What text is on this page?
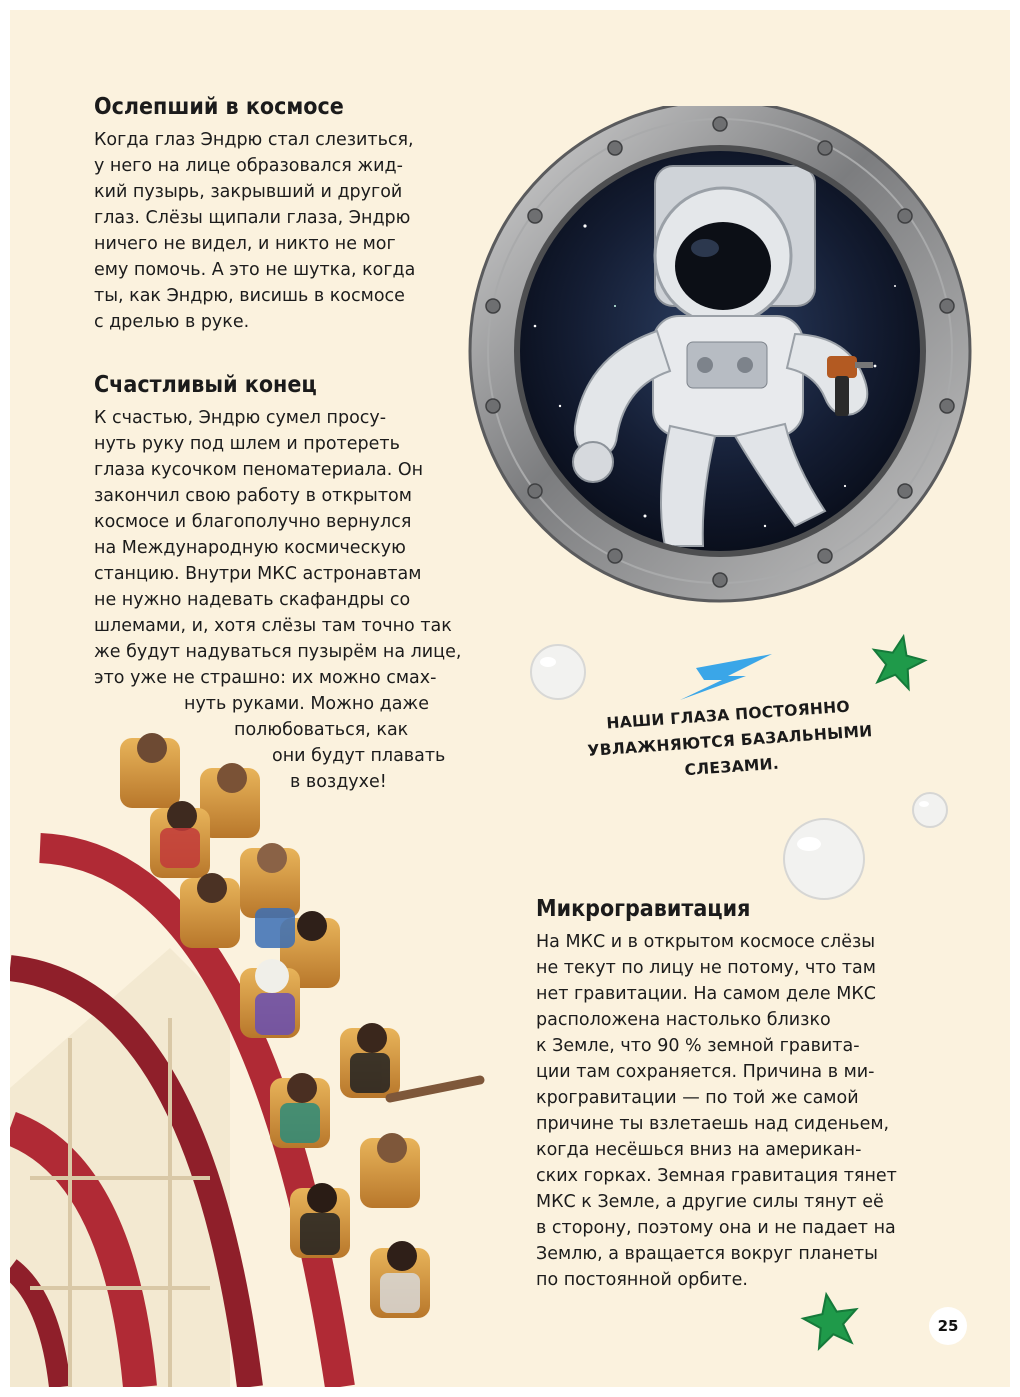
Ослепший в космосе
Когда глаз Эндрю стал слезиться,
у него на лице образовался жид-
кий пузырь, закрывший и другой
глаз. Слёзы щипали глаза, Эндрю
ничего не видел, и никто не мог
ему помочь. А это не шутка, когда
ты, как Эндрю, висишь в космосе
с дрелью в руке.
Счастливый конец
К счастью, Эндрю сумел просу-
нуть руку под шлем и протереть
глаза кусочком пеноматериала. Он
закончил свою работу в открытом
космосе и благополучно вернулся
на Международную космическую
станцию. Внутри МКС астронавтам
не нужно надевать скафандры со
шлемами, и, хотя слёзы там точно так
же будут надуваться пузырём на лице,
это уже не страшно: их можно смах-
нуть руками. Можно даже
полюбоваться, как
они будут плавать
в воздухе!
Микрогравитация
На МКС и в открытом космосе слёзы
не текут по лицу не потому, что там
нет гравитации. На самом деле МКС
расположена настолько близко
к Земле, что 90 % земной гравита-
ции там сохраняется. Причина в ми-
крогравитации — по той же самой
причине ты взлетаешь над сиденьем,
когда несёшься вниз на американ-
ских горках. Земная гравитация тянет
МКС к Земле, а другие силы тянут её
в сторону, поэтому она и не падает на
Землю, а вращается вокруг планеты
по постоянной орбите.
НАШИ ГЛАЗА ПОСТОЯННО
УВЛАЖНЯЮТСЯ БАЗАЛЬНЫМИ
СЛЕЗАМИ.
25
